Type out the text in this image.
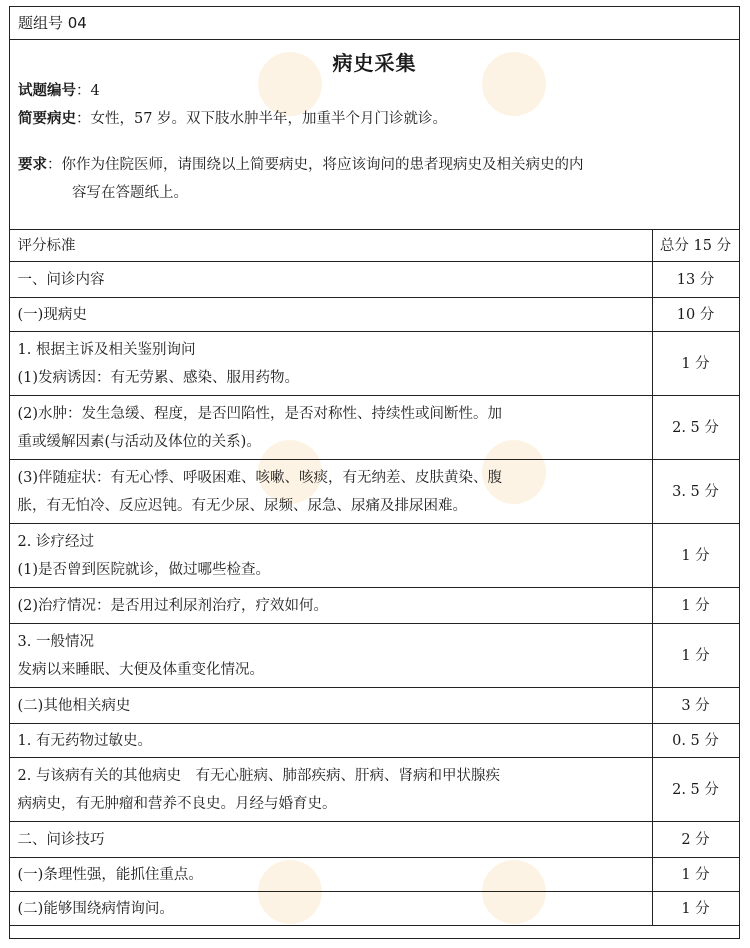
题组号 04
病史采集
试题编号：4
简要病史：女性，57 岁。双下肢水肿半年，加重半个月门诊就诊。
要求：你作为住院医师，请围绕以上简要病史，将应该询问的患者现病史及相关病史的内
容写在答题纸上。
评分标准	总分 15 分

一、问诊内容	13 分

(一)现病史	10 分

1. 根据主诉及相关鉴别询问
(1)发病诱因：有无劳累、感染、服用药物。	1 分

(2)水肿：发生急缓、程度，是否凹陷性，是否对称性、持续性或间断性。加
重或缓解因素(与活动及体位的关系)。	2. 5 分

(3)伴随症状：有无心悸、呼吸困难、咳嗽、咳痰，有无纳差、皮肤黄染、腹
胀，有无怕冷、反应迟钝。有无少尿、尿频、尿急、尿痛及排尿困难。	3. 5 分

2. 诊疗经过
(1)是否曾到医院就诊，做过哪些检查。	1 分

(2)治疗情况：是否用过利尿剂治疗，疗效如何。	1 分

3. 一般情况
发病以来睡眠、大便及体重变化情况。	1 分

(二)其他相关病史	3 分

1. 有无药物过敏史。	0. 5 分

2. 与该病有关的其他病史　有无心脏病、肺部疾病、肝病、肾病和甲状腺疾
病病史，有无肿瘤和营养不良史。月经与婚育史。	2. 5 分

二、问诊技巧	2 分

(一)条理性强，能抓住重点。	1 分

(二)能够围绕病情询问。	1 分
